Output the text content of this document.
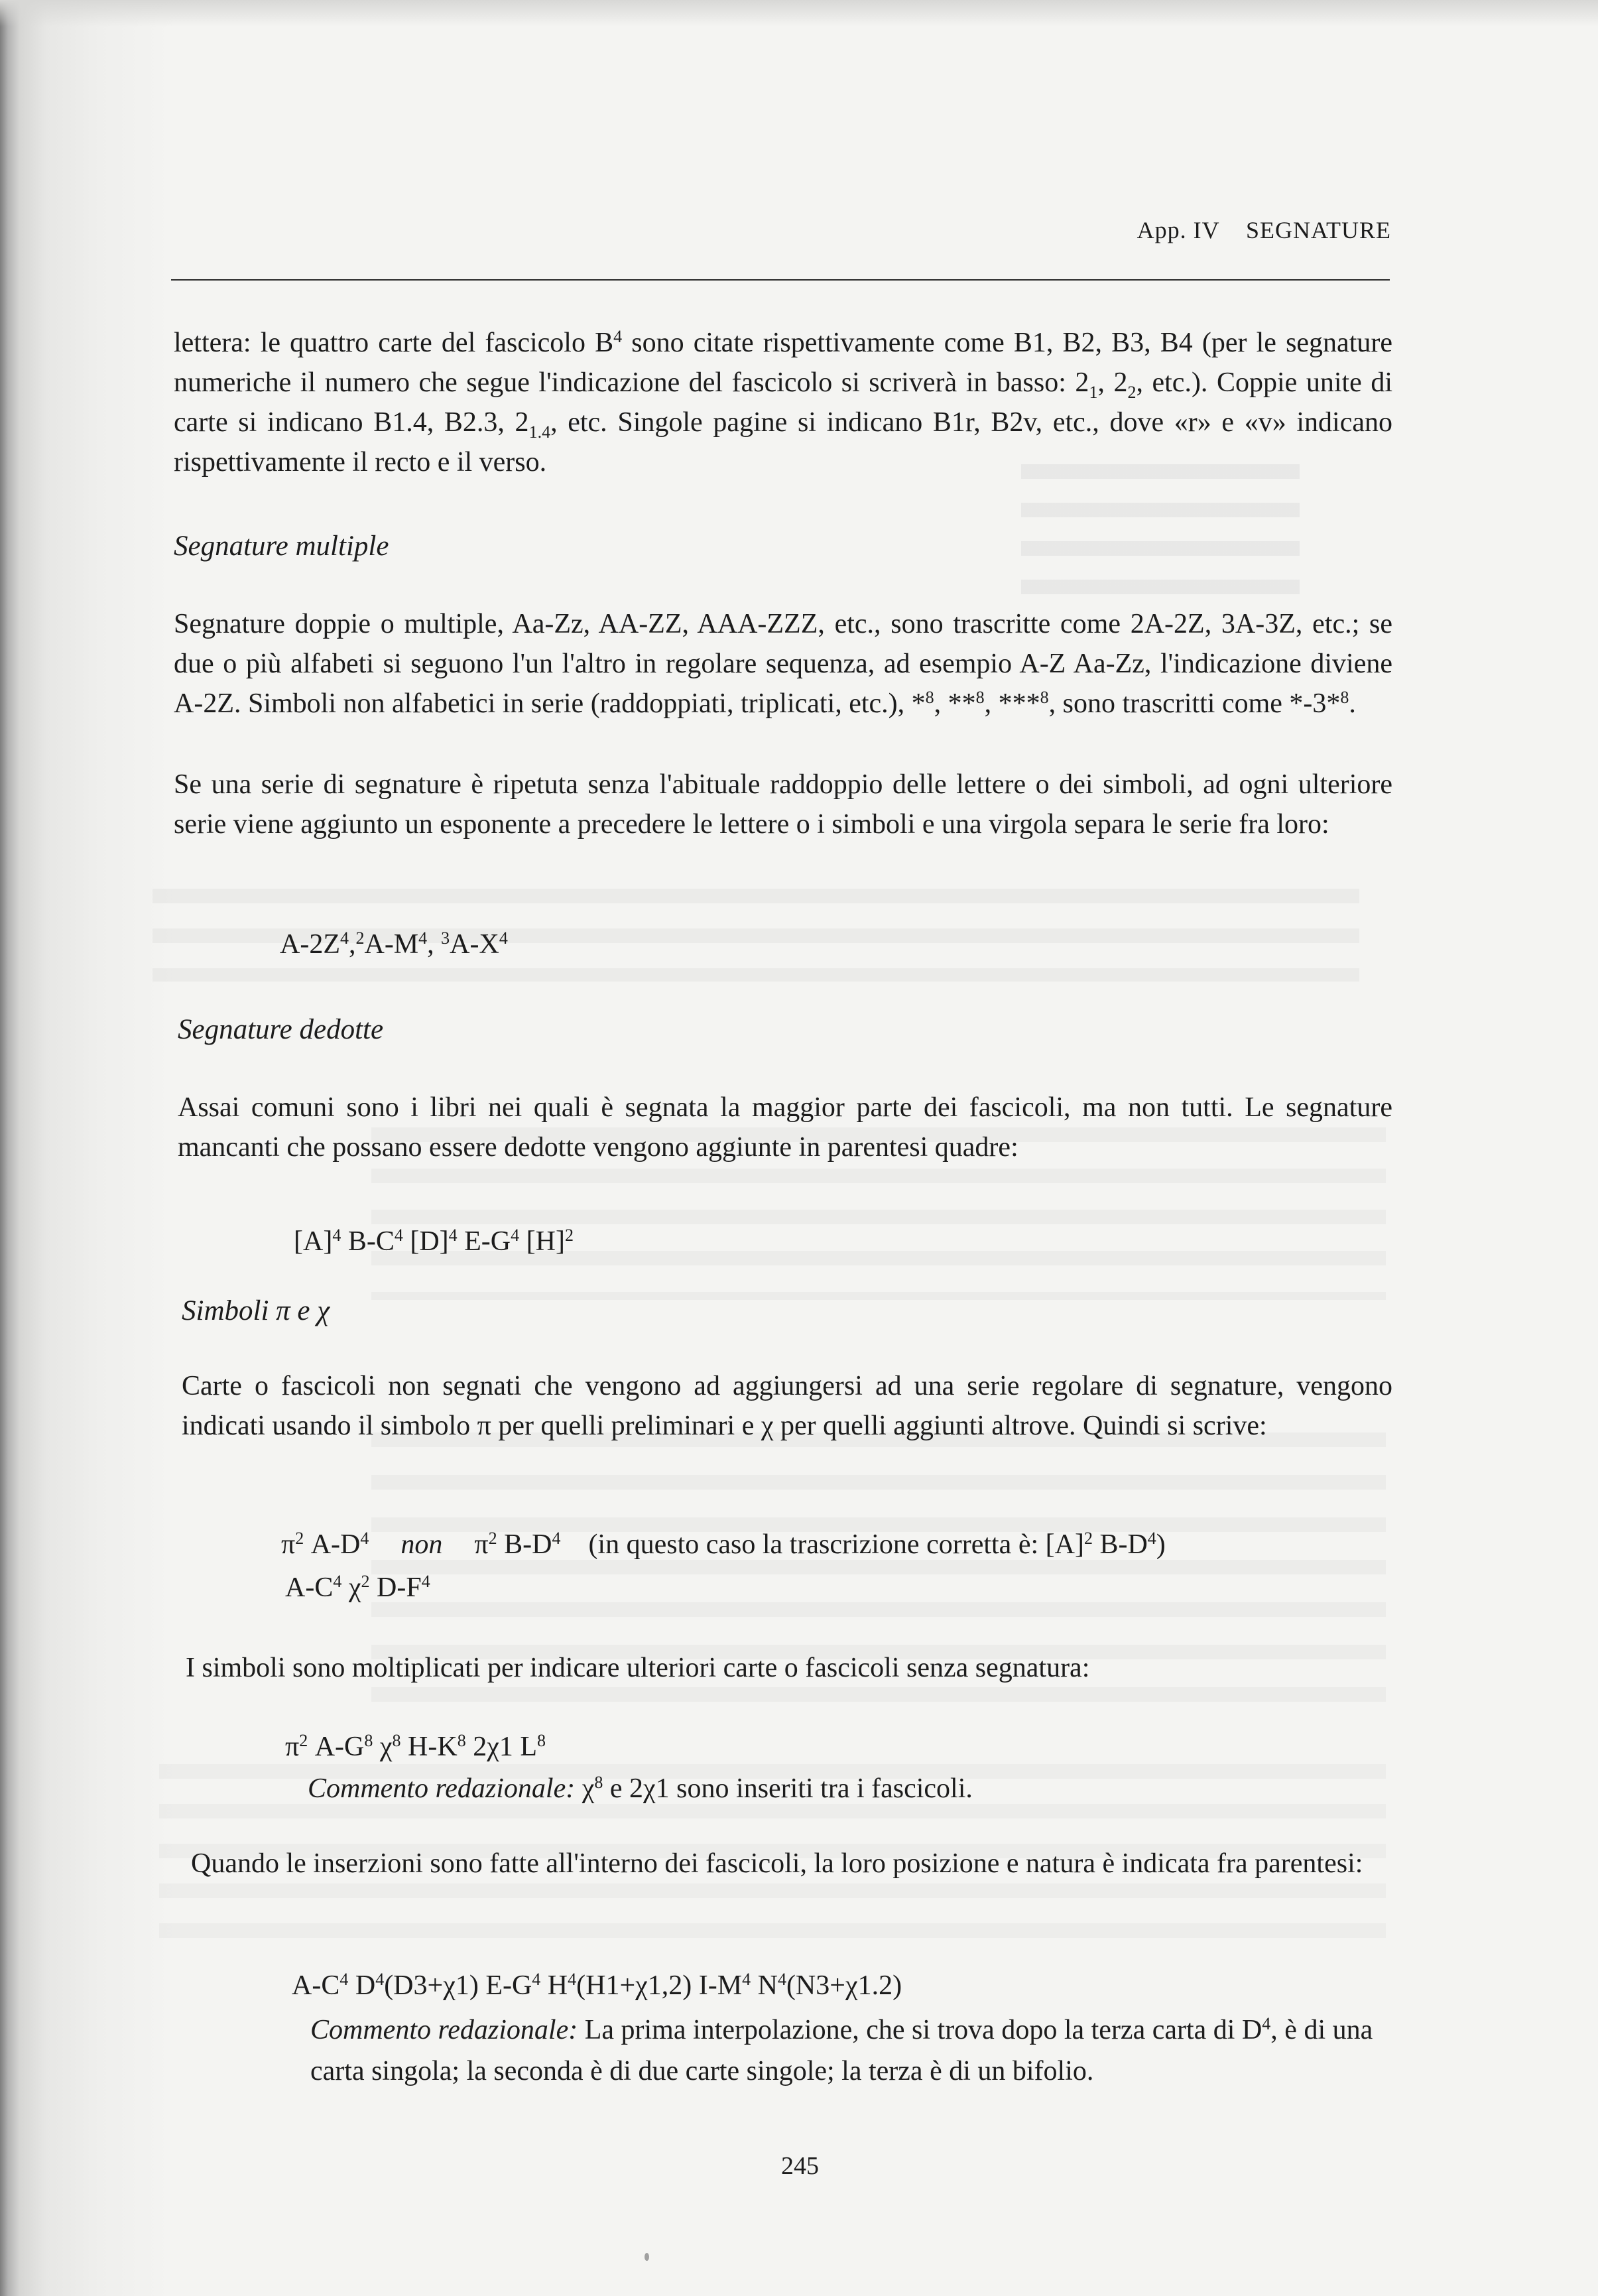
App. IV    SEGNATURE

lettera: le quattro carte del fascicolo $B^4$ sono citate rispettivamente come B1, B2, B3, B4 (per le segnature numeriche il numero che segue l'indicazione del fascicolo si scriverà in basso: $2_1$, $2_2$, etc.). Coppie unite di carte si indicano B1.4, B2.3, $2_{1.4}$, etc. Singole pagine si indicano B1r, B2v, etc., dove «r» e «v» indicano rispettivamente il recto e il verso.

Segnature multiple

Segnature doppie o multiple, Aa-Zz, AA-ZZ, AAA-ZZZ, etc., sono trascritte come 2A-2Z, 3A-3Z, etc.; se due o più alfabeti si seguono l'un l'altro in regolare sequenza, ad esempio A-Z Aa-Zz, l'indicazione diviene A-2Z. Simboli non alfabetici in serie (raddoppiati, triplicati, etc.), *$^8$, **$^8$, ***$^8$, sono trascritti come *-3*$^8$.

Se una serie di segnature è ripetuta senza l'abituale raddoppio delle lettere o dei simboli, ad ogni ulteriore serie viene aggiunto un esponente a precedere le lettere o i simboli e una virgola separa le serie fra loro:

$A-2Z^4,^2A-M^4$, $^3A-X^4$

Segnature dedotte

Assai comuni sono i libri nei quali è segnata la maggior parte dei fascicoli, ma non tutti. Le segnature mancanti che possano essere dedotte vengono aggiunte in parentesi quadre:

$[A]^4$ $B-C^4$ $[D]^4$ $E-G^4$ $[H]^2$

Simboli π e χ

Carte o fascicoli non segnati che vengono ad aggiungersi ad una serie regolare di segnature, vengono indicati usando il simbolo π per quelli preliminari e χ per quelli aggiunti altrove. Quindi si scrive:

$\pi^2$ $A-D^4$ non $\pi^2$ $B-D^4$ (in questo caso la trascrizione corretta è: $[A]^2$ $B-D^4$)
$A-C^4$ $\chi^2$ $D-F^4$

I simboli sono moltiplicati per indicare ulteriori carte o fascicoli senza segnatura:

$\pi^2$ $A-G^8$ $\chi^8$ $H-K^8$ 2χ1 $L^8$
Commento redazionale: $\chi^8$ e 2χ1 sono inseriti tra i fascicoli.

Quando le inserzioni sono fatte all'interno dei fascicoli, la loro posizione e natura è indicata fra parentesi:

$A-C^4$ $D^4(D3+\chi 1)$ $E-G^4$ $H^4(H1+\chi 1,2)$ $I-M^4$ $N^4(N3+\chi 1.2)$

Commento redazionale: La prima interpolazione, che si trova dopo la terza carta di $D^4$, è di una carta singola; la seconda è di due carte singole; la terza è di un bifolio.

245
